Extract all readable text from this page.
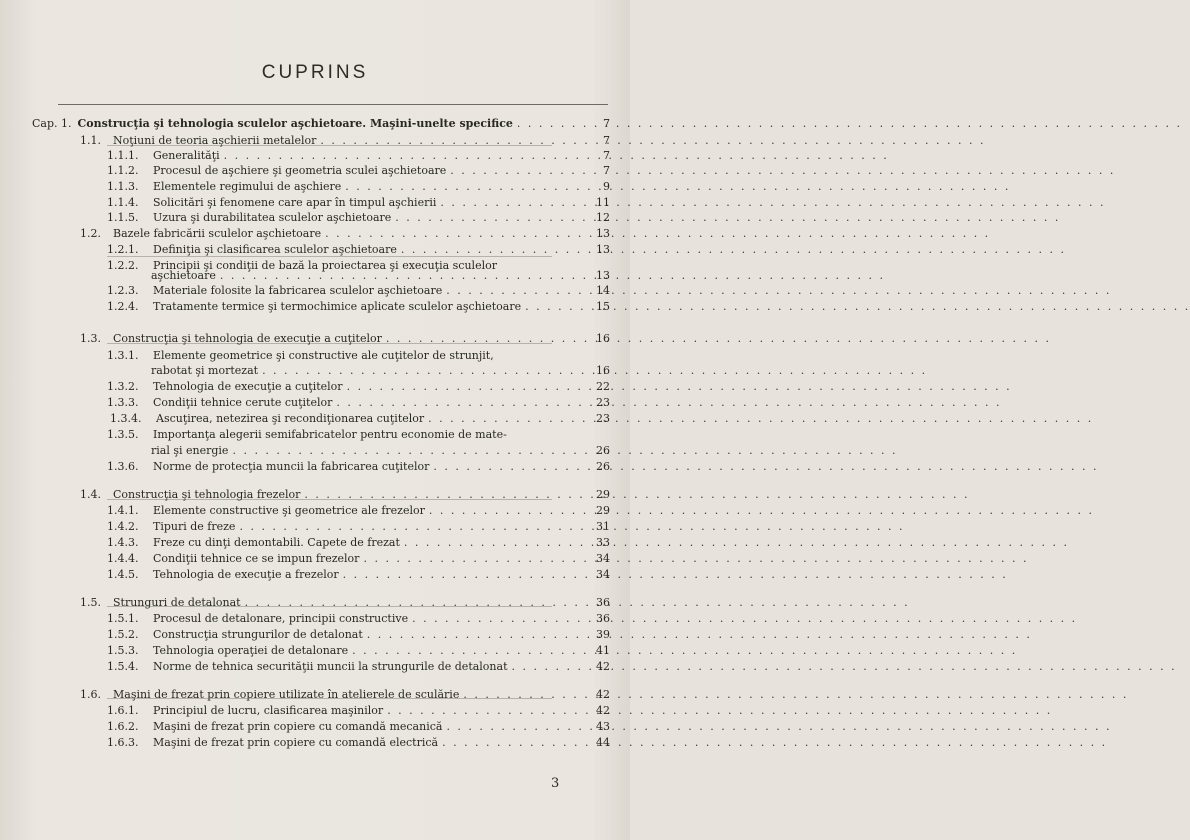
CUPRINS
Cap. 1. Construcţia şi tehnologia sculelor aşchietoare. Maşini-unelte specifice . . .	7
1.1. Noţiuni de teoria aşchierii metalelor . . .	7
1.1.1. Generalităţi . . .	7
1.1.2. Procesul de aşchiere şi geometria sculei aşchietoare . . .	7
1.1.3. Elementele regimului de aşchiere . . .	9
1.1.4. Solicitări şi fenomene care apar în timpul aşchierii . . .	11
1.1.5. Uzura şi durabilitatea sculelor aşchietoare . . .	12
1.2. Bazele fabricării sculelor aşchietoare . . .	13
1.2.1. Definiţia şi clasificarea sculelor aşchietoare . . .	13
1.2.2. Principii şi condiţii de bază la proiectarea şi execuţia sculelor
aşchietoare . . .	13
1.2.3. Materiale folosite la fabricarea sculelor aşchietoare . . .	14
1.2.4. Tratamente termice şi termochimice aplicate sculelor aşchietoare . . .	15
1.3. Construcţia şi tehnologia de execuţie a cuţitelor . . .	16
1.3.1. Elemente geometrice şi constructive ale cuţitelor de strunjit,
rabotat şi mortezat . . .	16
1.3.2. Tehnologia de execuţie a cuţitelor . . .	22
1.3.3. Condiţii tehnice cerute cuţitelor . . .	23
1.3.4. Ascuţirea, netezirea şi recondiţionarea cuţitelor . . .	23
1.3.5. Importanţa alegerii semifabricatelor pentru economie de mate-
rial şi energie . . .	26
1.3.6. Norme de protecţia muncii la fabricarea cuţitelor . . .	26
1.4. Construcţia şi tehnologia frezelor . . .	29
1.4.1. Elemente constructive şi geometrice ale frezelor . . .	29
1.4.2. Tipuri de freze . . .	31
1.4.3. Freze cu dinţi demontabili. Capete de frezat . . .	33
1.4.4. Condiţii tehnice ce se impun frezelor . . .	34
1.4.5. Tehnologia de execuţie a frezelor . . .	34
1.5. Strunguri de detalonat . . .	36
1.5.1. Procesul de detalonare, principii constructive . . .	36
1.5.2. Construcţia strungurilor de detalonat . . .	39
1.5.3. Tehnologia operaţiei de detalonare . . .	41
1.5.4. Norme de tehnica securităţii muncii la strungurile de detalonat . . .	42
1.6. Maşini de frezat prin copiere utilizate în atelierele de sculărie . . .	42
1.6.1. Principiul de lucru, clasificarea maşinilor . . .	42
1.6.2. Maşini de frezat prin copiere cu comandă mecanică . . .	43
1.6.3. Maşini de frezat prin copiere cu comandă electrică . . .	44
3
